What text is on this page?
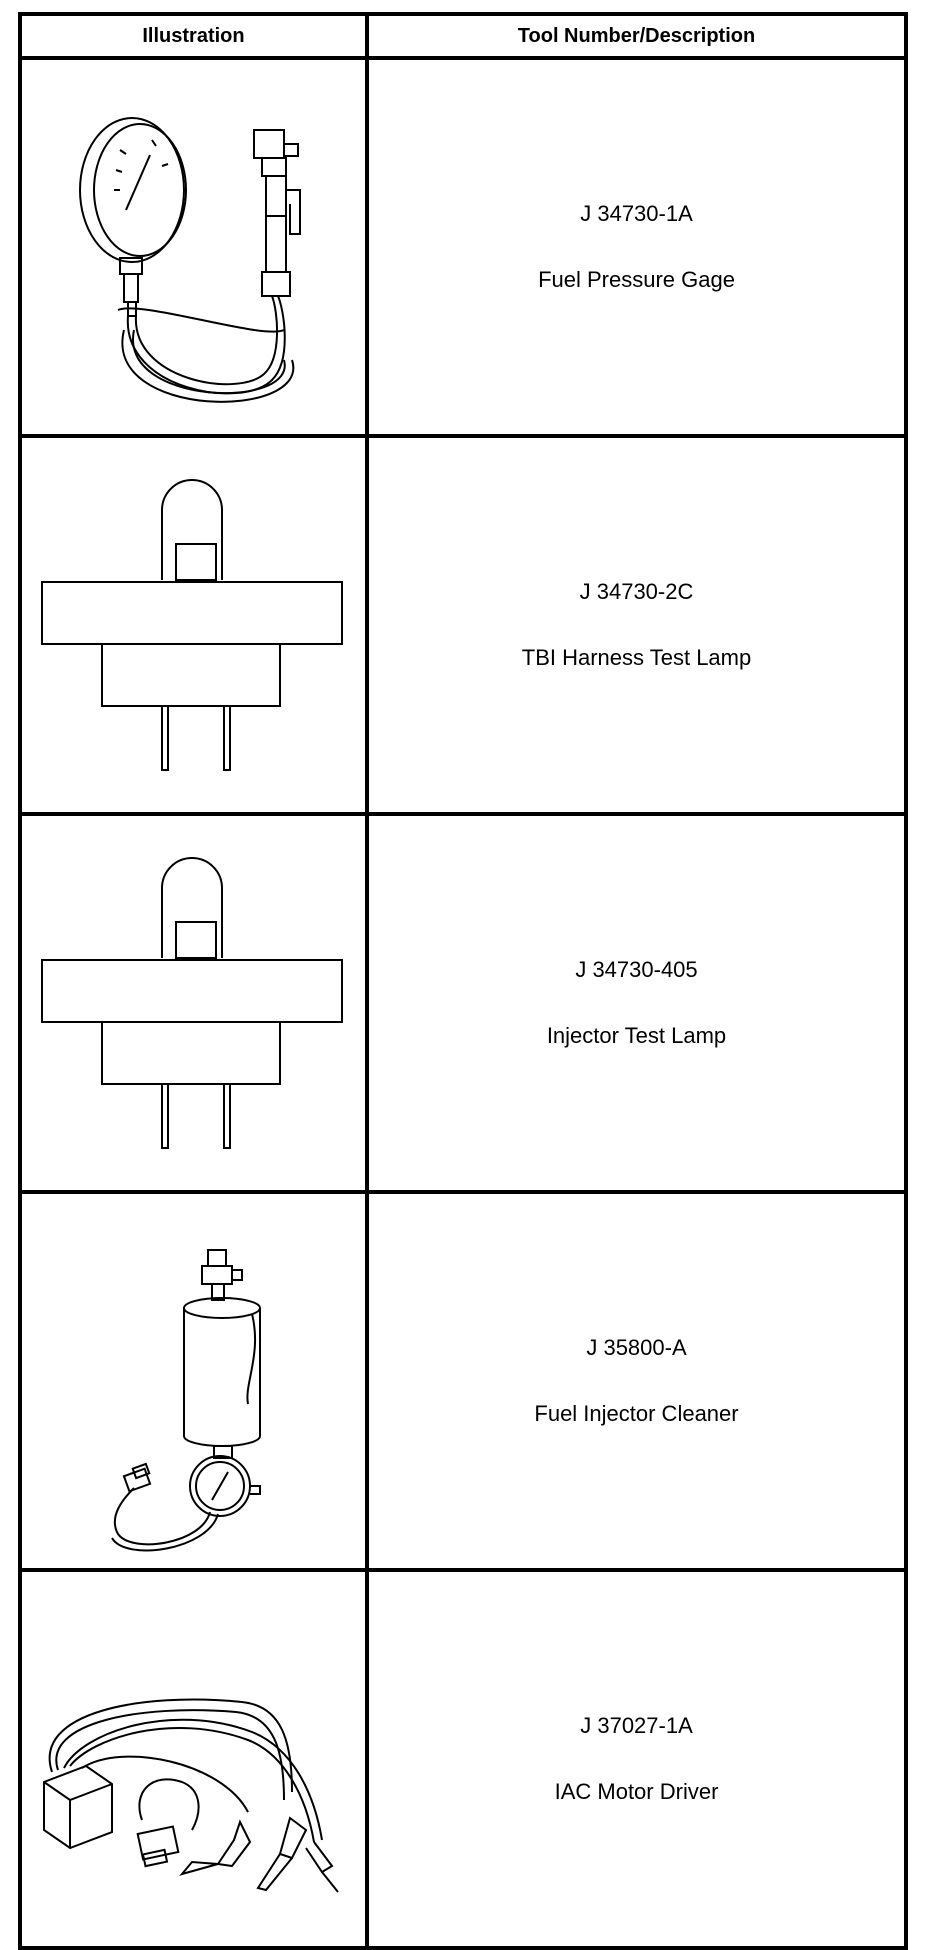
Illustration	Tool Number/Description

J 34730-1A
Fuel Pressure Gage

J 34730-2C
TBI Harness Test Lamp

J 34730-405
Injector Test Lamp

J 35800-A
Fuel Injector Cleaner

J 37027-1A
IAC Motor Driver
